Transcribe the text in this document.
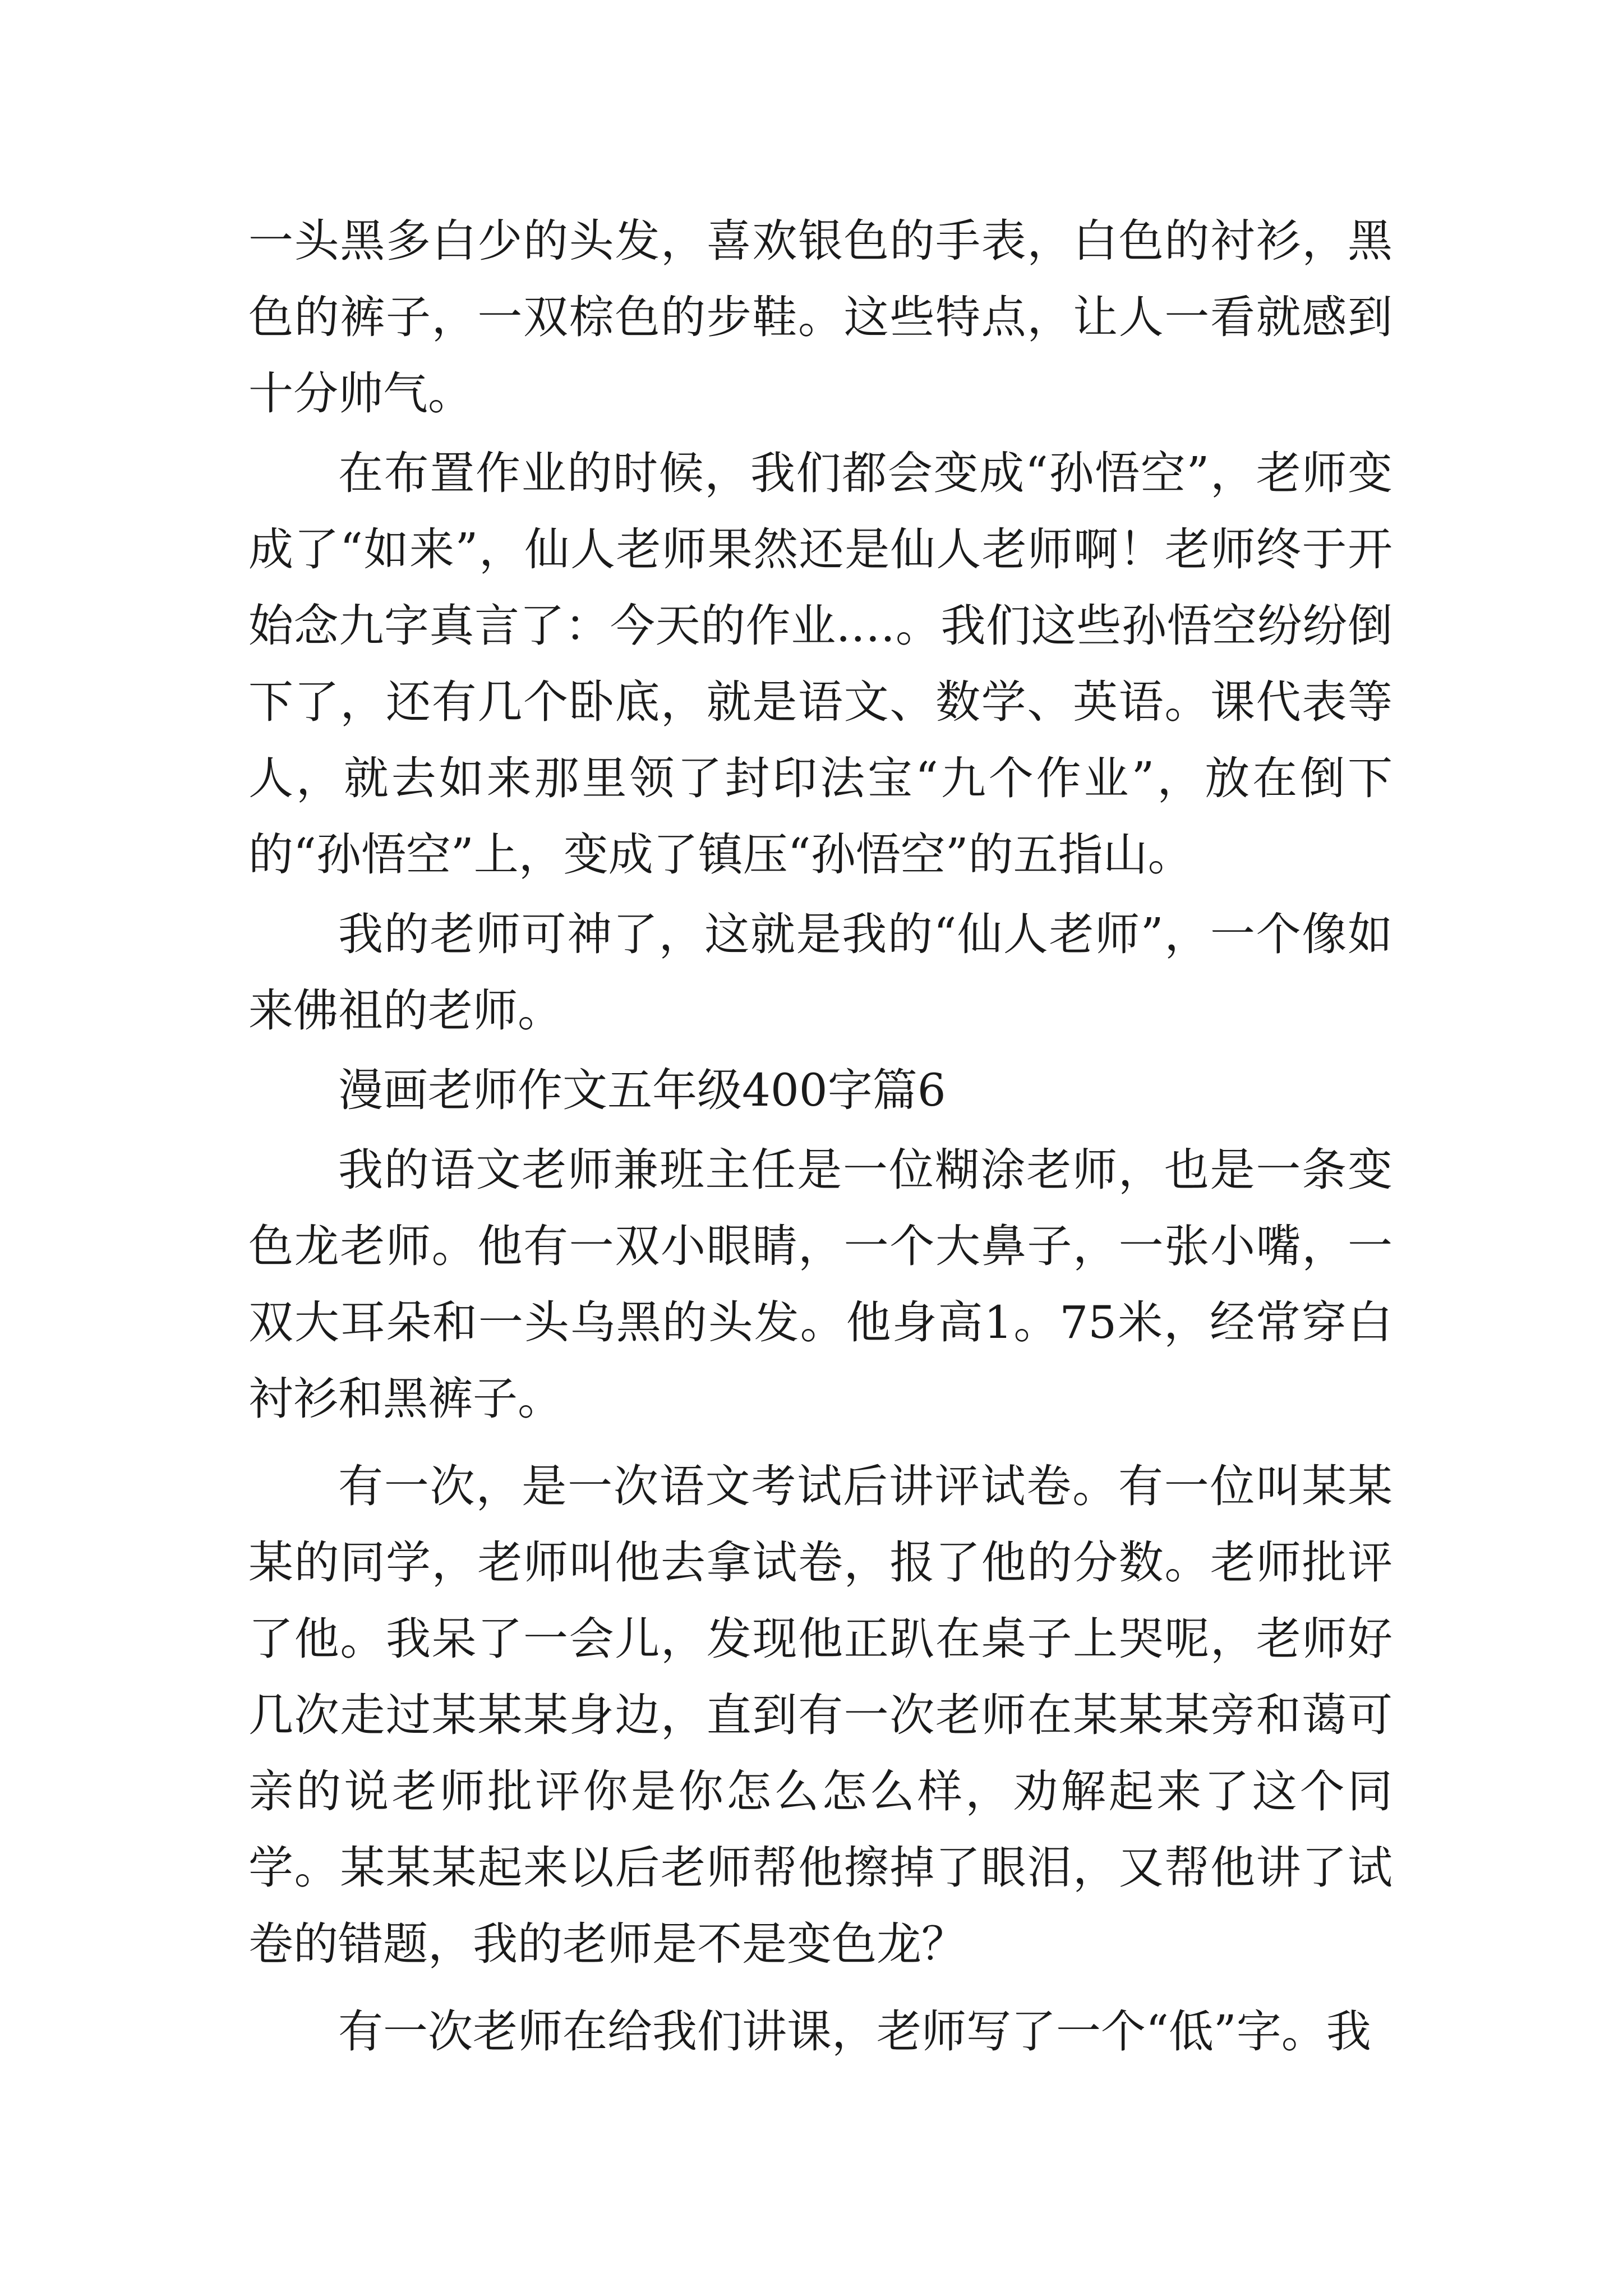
一头黑多白少的头发，喜欢银色的手表，白色的衬衫，黑色的裤子，一双棕色的步鞋。这些特点，让人一看就感到十分帅气。

在布置作业的时候，我们都会变成“孙悟空”，老师变成了“如来”，仙人老师果然还是仙人老师啊！老师终于开始念九字真言了：今天的作业.…。我们这些孙悟空纷纷倒下了，还有几个卧底，就是语文、数学、英语。课代表等人，就去如来那里领了封印法宝“九个作业”，放在倒下的“孙悟空”上，变成了镇压“孙悟空”的五指山。

我的老师可神了，这就是我的“仙人老师”，一个像如来佛祖的老师。

漫画老师作文五年级400字篇6

我的语文老师兼班主任是一位糊涂老师，也是一条变色龙老师。他有一双小眼睛，一个大鼻子，一张小嘴，一双大耳朵和一头乌黑的头发。他身高1。75米，经常穿白衬衫和黑裤子。

有一次，是一次语文考试后讲评试卷。有一位叫某某某的同学，老师叫他去拿试卷，报了他的分数。老师批评了他。我呆了一会儿，发现他正趴在桌子上哭呢，老师好几次走过某某某身边，直到有一次老师在某某某旁和蔼可亲的说老师批评你是你怎么怎么样，劝解起来了这个同学。某某某起来以后老师帮他擦掉了眼泪，又帮他讲了试卷的错题，我的老师是不是变色龙？

有一次老师在给我们讲课，老师写了一个“低”字。我
